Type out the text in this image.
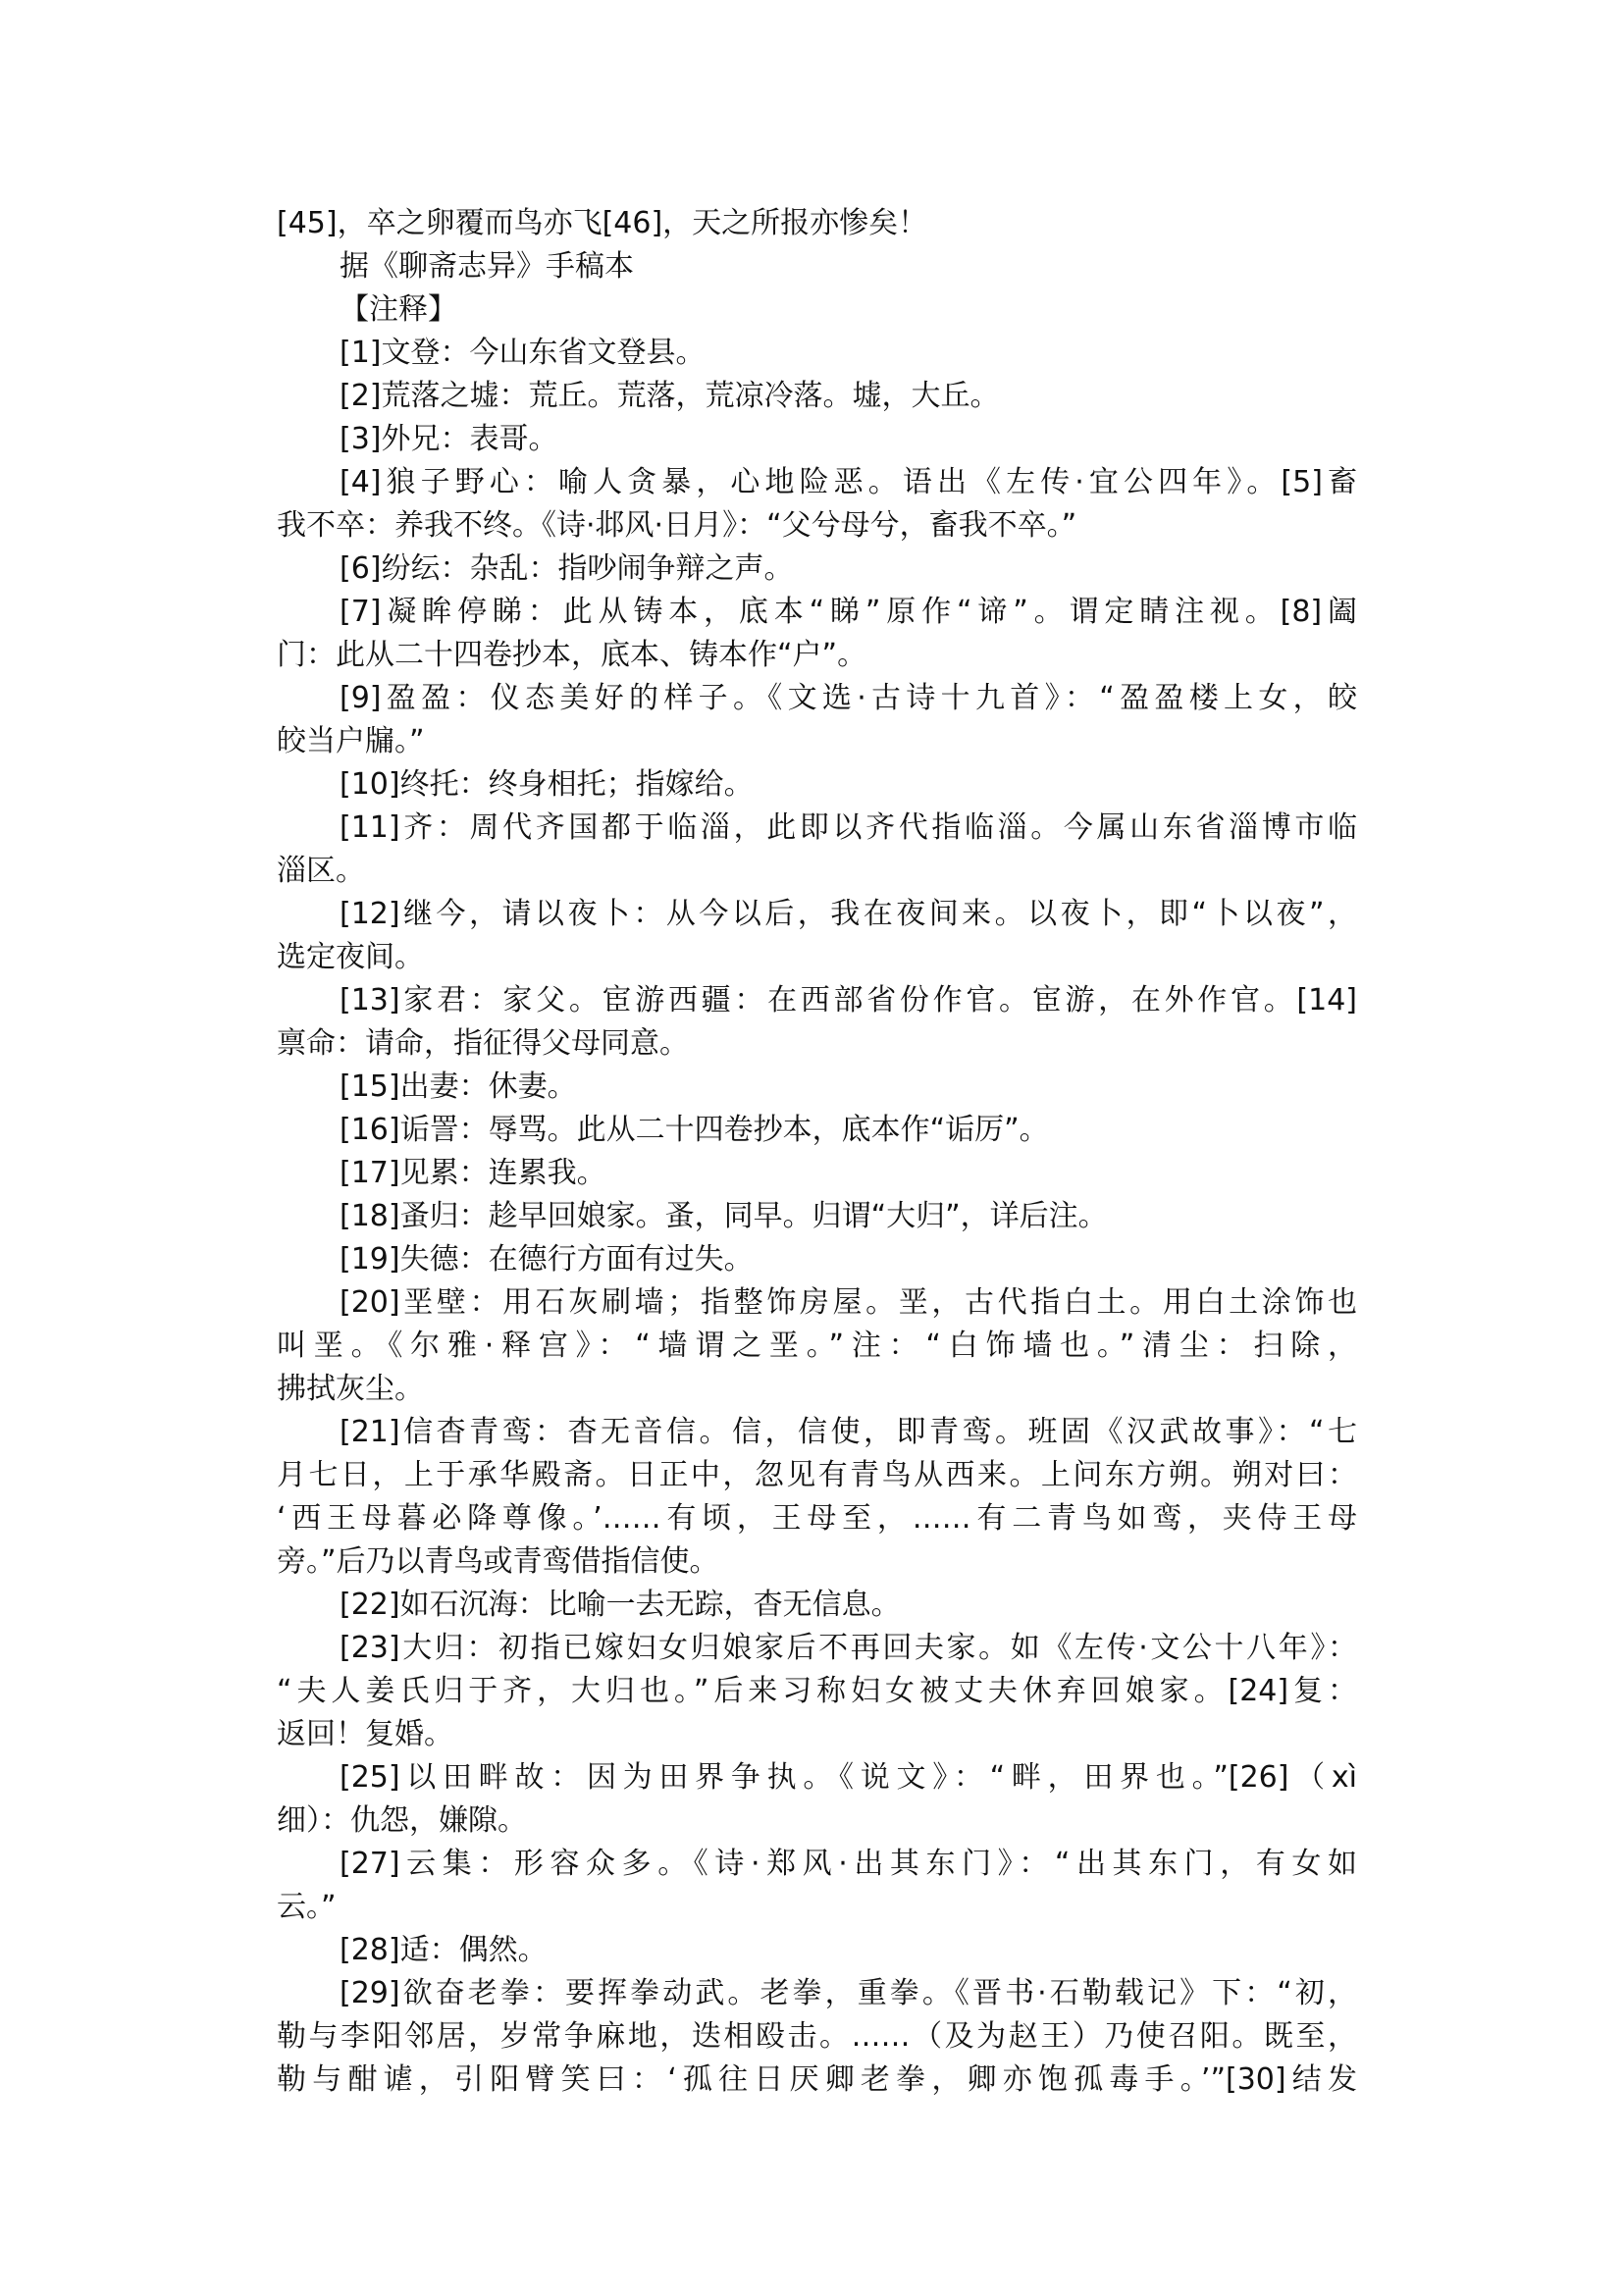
[45]，卒之卵覆而鸟亦飞[46]，天之所报亦惨矣！
据《聊斋志异》手稿本
【注释】
[1]文登：今山东省文登县。
[2]荒落之墟：荒丘。荒落，荒凉冷落。墟，大丘。
[3]外兄：表哥。
[4]狼子野心：喻人贪暴，心地险恶。语出《左传·宜公四年》。[5]畜
我不卒：养我不终。《诗·邶风·日月》：“父兮母兮，畜我不卒。”
[6]纷纭：杂乱：指吵闹争辩之声。
[7]凝眸停睇：此从铸本，底本“睇”原作“谛”。谓定睛注视。[8]阖
门：此从二十四卷抄本，底本、铸本作“户”。
[9]盈盈：仪态美好的样子。《文选·古诗十九首》：“盈盈楼上女，皎
皎当户牖。”
[10]终托：终身相托；指嫁给。
[11]齐：周代齐国都于临淄，此即以齐代指临淄。今属山东省淄博市临
淄区。
[12]继今，请以夜卜：从今以后，我在夜间来。以夜卜，即“卜以夜”，
选定夜间。
[13]家君：家父。宦游西疆：在西部省份作官。宦游，在外作官。[14]
禀命：请命，指征得父母同意。
[15]出妻：休妻。
[16]诟詈：辱骂。此从二十四卷抄本，底本作“诟厉”。
[17]见累：连累我。
[18]蚤归：趁早回娘家。蚤，同早。归谓“大归”，详后注。
[19]失德：在德行方面有过失。
[20]垩壁：用石灰刷墙；指整饰房屋。垩，古代指白土。用白土涂饰也
叫垩。《尔雅·释宫》：“墙谓之垩。”注：“白饰墙也。”清尘：扫除，
拂拭灰尘。
[21]信杳青鸾：杳无音信。信，信使，即青鸾。班固《汉武故事》：“七
月七日，上于承华殿斋。日正中，忽见有青鸟从西来。上问东方朔。朔对曰：
‘西王母暮必降尊像。’……有顷，王母至，……有二青鸟如鸾，夹侍王母
旁。”后乃以青鸟或青鸾借指信使。
[22]如石沉海：比喻一去无踪，杳无信息。
[23]大归：初指已嫁妇女归娘家后不再回夫家。如《左传·文公十八年》：
“夫人姜氏归于齐，大归也。”后来习称妇女被丈夫休弃回娘家。[24]复：
返回！复婚。
[25]以田畔故：因为田界争执。《说文》：“畔，田界也。”[26]（xì
细）：仇怨，嫌隙。
[27]云集：形容众多。《诗·郑风·出其东门》：“出其东门，有女如
云。”
[28]适：偶然。
[29]欲奋老拳：要挥拳动武。老拳，重拳。《晋书·石勒载记》下：“初，
勒与李阳邻居，岁常争麻地，迭相殴击。……（及为赵王）乃使召阳。既至，
勒与酣谑，引阳臂笑曰：‘孤往日厌卿老拳，卿亦饱孤毒手。’”[30]结发
